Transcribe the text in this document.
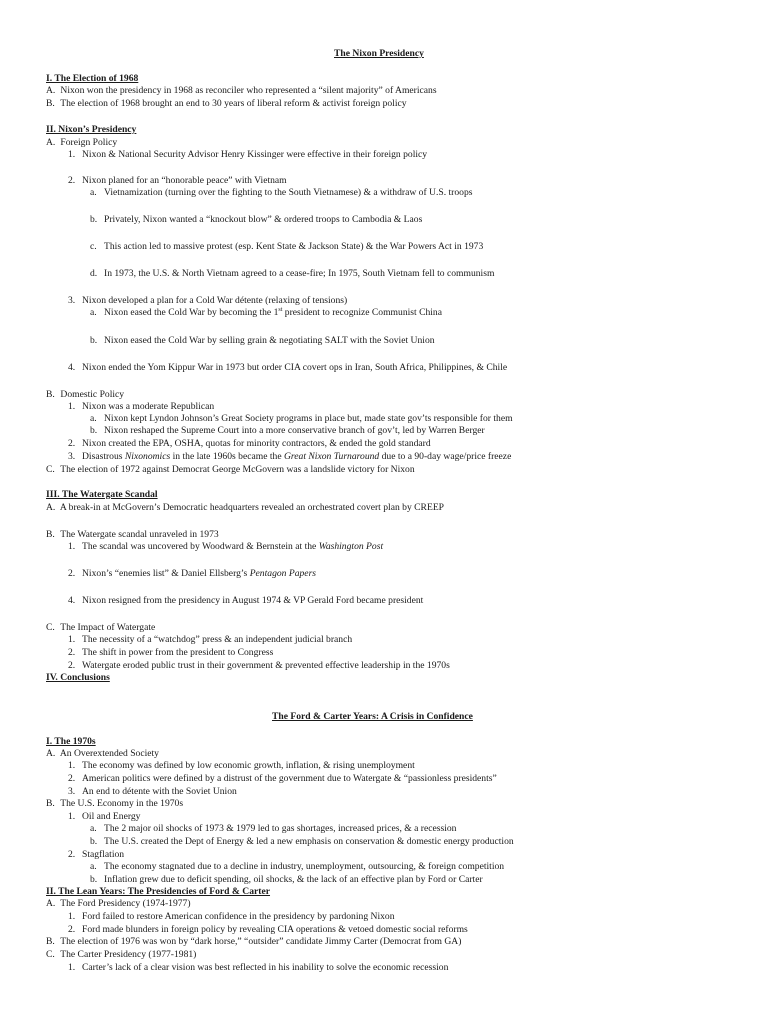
The Nixon Presidency
I. The Election of 1968
A. Nixon won the presidency in 1968 as reconciler who represented a “silent majority” of Americans
B. The election of 1968 brought an end to 30 years of liberal reform & activist foreign policy
II. Nixon’s Presidency
A. Foreign Policy
1. Nixon & National Security Advisor Henry Kissinger were effective in their foreign policy
2. Nixon planed for an “honorable peace” with Vietnam
a. Vietnamization (turning over the fighting to the South Vietnamese) & a withdraw of U.S. troops
b. Privately, Nixon wanted a “knockout blow” & ordered troops to Cambodia & Laos
c. This action led to massive protest (esp. Kent State & Jackson State) & the War Powers Act in 1973
d. In 1973, the U.S. & North Vietnam agreed to a cease-fire; In 1975, South Vietnam fell to communism
3. Nixon developed a plan for a Cold War détente (relaxing of tensions)
a. Nixon eased the Cold War by becoming the 1st president to recognize Communist China
b. Nixon eased the Cold War by selling grain & negotiating SALT with the Soviet Union
4. Nixon ended the Yom Kippur War in 1973 but order CIA covert ops in Iran, South Africa, Philippines, & Chile
B. Domestic Policy
1. Nixon was a moderate Republican
a. Nixon kept Lyndon Johnson’s Great Society programs in place but, made state gov’ts responsible for them
b. Nixon reshaped the Supreme Court into a more conservative branch of gov’t, led by Warren Berger
2. Nixon created the EPA, OSHA, quotas for minority contractors, & ended the gold standard
3. Disastrous Nixonomics in the late 1960s became the Great Nixon Turnaround due to a 90-day wage/price freeze
C. The election of 1972 against Democrat George McGovern was a landslide victory for Nixon
III. The Watergate Scandal
A. A break-in at McGovern’s Democratic headquarters revealed an orchestrated covert plan by CREEP
B. The Watergate scandal unraveled in 1973
1. The scandal was uncovered by Woodward & Bernstein at the Washington Post
2. Nixon’s “enemies list” & Daniel Ellsberg’s Pentagon Papers
4. Nixon resigned from the presidency in August 1974 & VP Gerald Ford became president
C. The Impact of Watergate
1. The necessity of a “watchdog” press & an independent judicial branch
2. The shift in power from the president to Congress
2. Watergate eroded public trust in their government & prevented effective leadership in the 1970s
IV. Conclusions
The Ford & Carter Years: A Crisis in Confidence
I. The 1970s
A. An Overextended Society
1. The economy was defined by low economic growth, inflation, & rising unemployment
2. American politics were defined by a distrust of the government due to Watergate & “passionless presidents”
3. An end to détente with the Soviet Union
B. The U.S. Economy in the 1970s
1. Oil and Energy
a. The 2 major oil shocks of 1973 & 1979 led to gas shortages, increased prices, & a recession
b. The U.S. created the Dept of Energy & led a new emphasis on conservation & domestic energy production
2. Stagflation
a. The economy stagnated due to a decline in industry, unemployment, outsourcing, & foreign competition
b. Inflation grew due to deficit spending, oil shocks, & the lack of an effective plan by Ford or Carter
II. The Lean Years: The Presidencies of Ford & Carter
A. The Ford Presidency (1974-1977)
1. Ford failed to restore American confidence in the presidency by pardoning Nixon
2. Ford made blunders in foreign policy by revealing CIA operations & vetoed domestic social reforms
B. The election of 1976 was won by “dark horse,” “outsider” candidate Jimmy Carter (Democrat from GA)
C. The Carter Presidency (1977-1981)
1. Carter’s lack of a clear vision was best reflected in his inability to solve the economic recession
